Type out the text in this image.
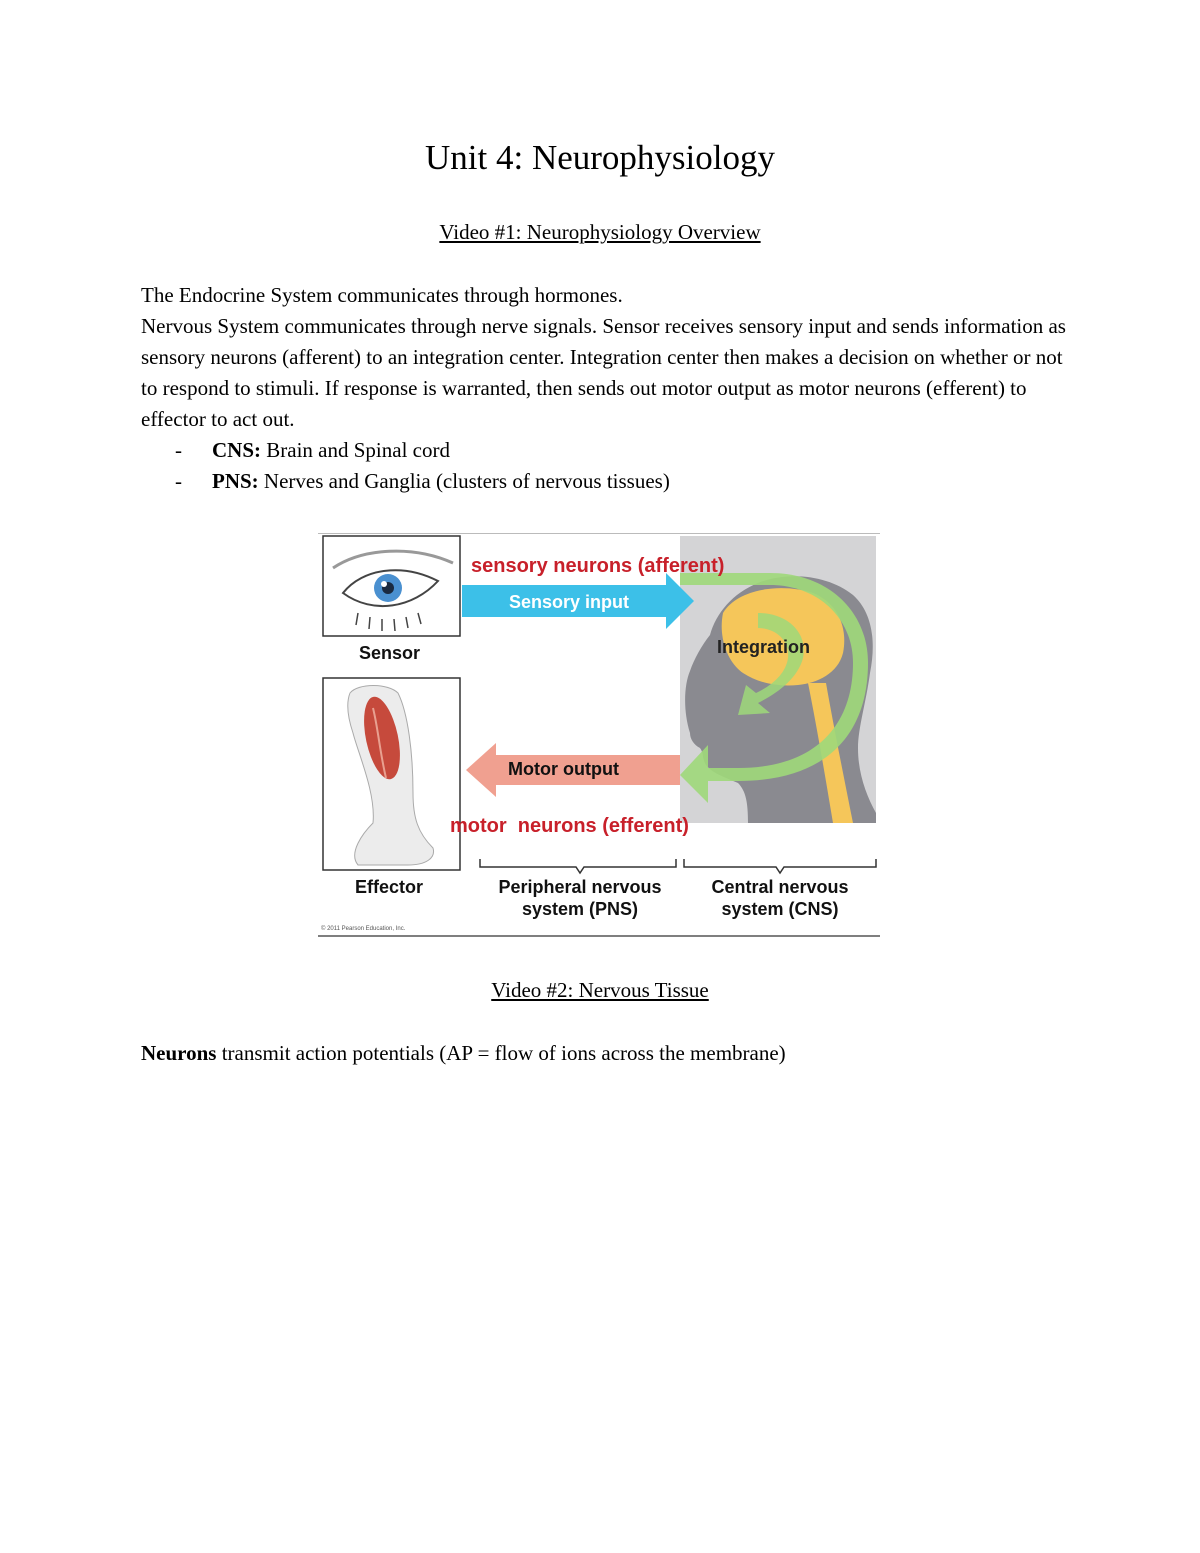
Unit 4: Neurophysiology
Video #1: Neurophysiology Overview

The Endocrine System communicates through hormones.

Nervous System communicates through nerve signals. Sensor receives sensory input and sends information as sensory neurons (afferent) to an integration center. Integration center then makes a decision on whether or not to respond to stimuli. If response is warranted, then sends out motor output as motor neurons (efferent) to effector to act out.

-	CNS: Brain and Spinal cord
-	PNS: Nerves and Ganglia (clusters of nervous tissues)
sensory neurons (afferent)
Sensory input
Integration
Sensor
Motor output
motor  neurons (efferent)
Effector	Peripheral nervous
system (PNS)
Central nervous
system (CNS)
© 2011 Pearson Education, Inc.
Video #2: Nervous Tissue

Neurons transmit action potentials (AP = flow of ions across the membrane)
